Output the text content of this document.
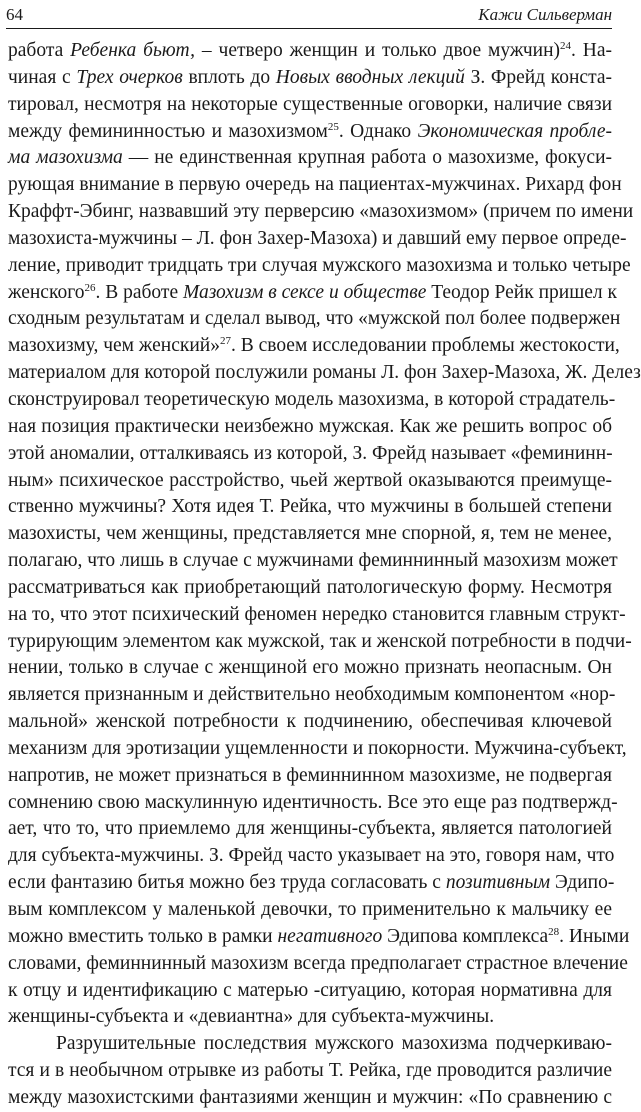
64	Кажи Сильверман
работа Ребенка бьют, – четверо женщин и только двое мужчин)$^{24}$. На-
чиная с Трех очерков вплоть до Новых вводных лекций З. Фрейд конста-
тировал, несмотря на некоторые существенные оговорки, наличие связи
между фемининностью и мазохизмом$^{25}$. Однако Экономическая пробле-
ма мазохизма — не единственная крупная работа о мазохизме, фокуси-
рующая внимание в первую очередь на пациентах-мужчинах. Рихард фон
Краффт-Эбинг, назвавший эту перверсию «мазохизмом» (причем по имени
мазохиста-мужчины – Л. фон Захер-Мазоха) и давший ему первое опреде-
ление, приводит тридцать три случая мужского мазохизма и только четыре
женского$^{26}$. В работе Мазохизм в сексе и обществе Теодор Рейк пришел к
сходным результатам и сделал вывод, что «мужской пол более подвержен
мазохизму, чем женский»$^{27}$. В своем исследовании проблемы жестокости,
материалом для которой послужили романы Л. фон Захер-Мазоха, Ж. Делез
сконструировал теоретическую модель мазохизма, в которой страдатель-
ная позиция практически неизбежно мужская. Как же решить вопрос об
этой аномалии, отталкиваясь из которой, З. Фрейд называет «фемининн-
ным» психическое расстройство, чьей жертвой оказываются преимуще-
ственно мужчины? Хотя идея Т. Рейка, что мужчины в большей степени
мазохисты, чем женщины, представляется мне спорной, я, тем не менее,
полагаю, что лишь в случае с мужчинами феминнинный мазохизм может
рассматриваться как приобретающий патологическую форму. Несмотря
на то, что этот психический феномен нередко становится главным структ-
турирующим элементом как мужской, так и женской потребности в подчи-
нении, только в случае с женщиной его можно признать неопасным. Он
является признанным и действительно необходимым компонентом «нор-
мальной» женской потребности к подчинению, обеспечивая ключевой
механизм для эротизации ущемленности и покорности. Мужчина-субъект,
напротив, не может признаться в феминнинном мазохизме, не подвергая
сомнению свою маскулинную идентичность. Все это еще раз подтвержд-
ает, что то, что приемлемо для женщины-субъекта, является патологией
для субъекта-мужчины. З. Фрейд часто указывает на это, говоря нам, что
если фантазию битья можно без труда согласовать с позитивным Эдипо-
вым комплексом у маленькой девочки, то применительно к мальчику ее
можно вместить только в рамки негативного Эдипова комплекса$^{28}$. Иными
словами, феминнинный мазохизм всегда предполагает страстное влечение
к отцу и идентификацию с матерью -ситуацию, которая нормативна для
женщины-субъекта и «девиантна» для субъекта-мужчины.
Разрушительные последствия мужского мазохизма подчеркиваю-
тся и в необычном отрывке из работы Т. Рейка, где проводится различие
между мазохистскими фантазиями женщин и мужчин: «По сравнению с
